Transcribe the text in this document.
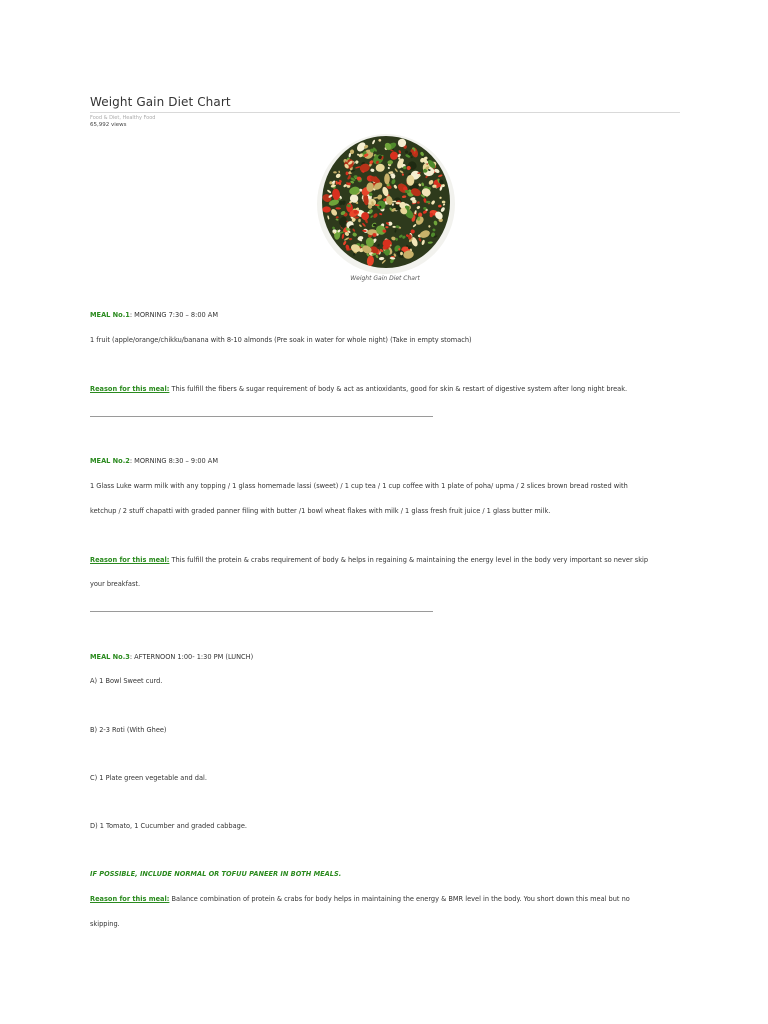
Weight Gain Diet Chart
Food & Diet, Healthy Food
65,992 views
Weight Gain Diet Chart
MEAL No.1: MORNING 7:30 – 8:00 AM
1 fruit (apple/orange/chikku/banana with 8-10 almonds (Pre soak in water for whole night) (Take in empty stomach)
Reason for this meal: This fulfill the fibers & sugar requirement of body & act as antioxidants, good for skin & restart of digestive system after long night break.
MEAL No.2: MORNING 8:30 – 9:00 AM
1 Glass Luke warm milk with any topping / 1 glass homemade lassi (sweet) / 1 cup tea / 1 cup coffee with 1 plate of poha/ upma / 2 slices brown bread rosted with
ketchup / 2 stuff chapatti with graded panner filing with butter /1 bowl wheat flakes with milk / 1 glass fresh fruit juice / 1 glass butter milk.
Reason for this meal: This fulfill the protein & crabs requirement of body & helps in regaining & maintaining the energy level in the body very important so never skip
your breakfast.
MEAL No.3: AFTERNOON 1:00- 1:30 PM (LUNCH)
A) 1 Bowl Sweet curd.
B) 2-3 Roti (With Ghee)
C) 1 Plate green vegetable and dal.
D) 1 Tomato, 1 Cucumber and graded cabbage.
IF POSSIBLE, INCLUDE NORMAL OR TOFUU PANEER IN BOTH MEALS.
Reason for this meal: Balance combination of protein & crabs for body helps in maintaining the energy & BMR level in the body. You short down this meal but no
skipping.
